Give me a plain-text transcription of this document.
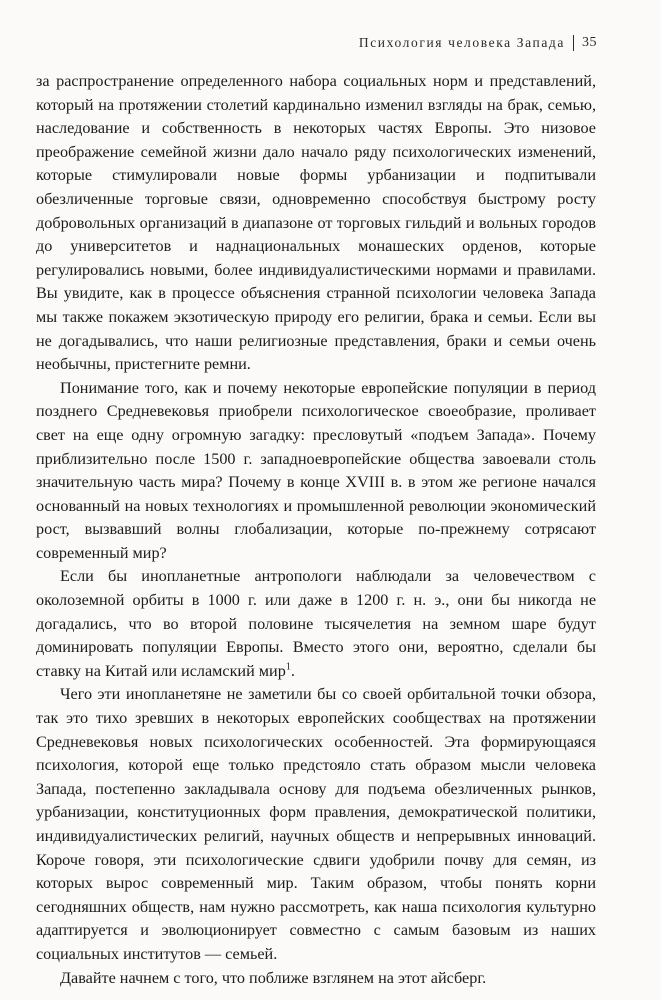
Психология человека Запада 35

за распространение определенного набора социальных норм и представлений, который на протяжении столетий кардинально изменил взгляды на брак, семью, наследование и собственность в некоторых частях Европы. Это низовое преображение семейной жизни дало начало ряду психологических изменений, которые стимулировали новые формы урбанизации и подпитывали обезличенные торговые связи, одновременно способствуя быстрому росту добровольных организаций в диапазоне от торговых гильдий и вольных городов до университетов и наднациональных монашеских орденов, которые регулировались новыми, более индивидуалистическими нормами и правилами. Вы увидите, как в процессе объяснения странной психологии человека Запада мы также покажем экзотическую природу его религии, брака и семьи. Если вы не догадывались, что наши религиозные представления, браки и семьи очень необычны, пристегните ремни.

Понимание того, как и почему некоторые европейские популяции в период позднего Средневековья приобрели психологическое своеобразие, проливает свет на еще одну огромную загадку: пресловутый «подъем Запада». Почему приблизительно после 1500 г. западноевропейские общества завоевали столь значительную часть мира? Почему в конце XVIII в. в этом же регионе начался основанный на новых технологиях и промышленной революции экономический рост, вызвавший волны глобализации, которые по-прежнему сотрясают современный мир?

Если бы инопланетные антропологи наблюдали за человечеством с околоземной орбиты в 1000 г. или даже в 1200 г. н. э., они бы никогда не догадались, что во второй половине тысячелетия на земном шаре будут доминировать популяции Европы. Вместо этого они, вероятно, сделали бы ставку на Китай или исламский мир$^1$.

Чего эти инопланетяне не заметили бы со своей орбитальной точки обзора, так это тихо зревших в некоторых европейских сообществах на протяжении Средневековья новых психологических особенностей. Эта формирующаяся психология, которой еще только предстояло стать образом мысли человека Запада, постепенно закладывала основу для подъема обезличенных рынков, урбанизации, конституционных форм правления, демократической политики, индивидуалистических религий, научных обществ и непрерывных инноваций. Короче говоря, эти психологические сдвиги удобрили почву для семян, из которых вырос современный мир. Таким образом, чтобы понять корни сегодняшних обществ, нам нужно рассмотреть, как наша психология культурно адаптируется и эволюционирует совместно с самым базовым из наших социальных институтов — семьей.

Давайте начнем с того, что поближе взглянем на этот айсберг.
